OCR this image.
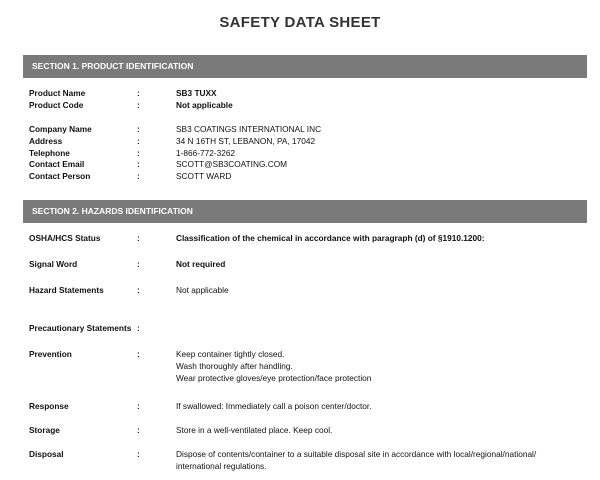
SAFETY DATA SHEET
SECTION 1. PRODUCT IDENTIFICATION
Product Name	:	SB3 TUXX
Product Code	:	Not applicable
Company Name	:	SB3 COATINGS INTERNATIONAL INC
Address	:	34 N 16TH ST, LEBANON, PA, 17042
Telephone	:	1-866-772-3262
Contact Email	:	SCOTT@SB3COATING.COM
Contact Person	:	SCOTT WARD
SECTION 2. HAZARDS IDENTIFICATION
OSHA/HCS Status	:	Classification of the chemical in accordance with paragraph (d) of §1910.1200:
Signal Word	:	Not required
Hazard Statements	:	Not applicable
Precautionary Statements :
Prevention	:	Keep container tightly closed.
Wash thoroughly after handling.
Wear protective gloves/eye protection/face protection
Response	:	If swallowed: Immediately call a poison center/doctor.
Storage	:	Store in a well-ventilated place. Keep cool.
Disposal	:	Dispose of contents/container to a suitable disposal site in accordance with local/regional/national/
international regulations.
